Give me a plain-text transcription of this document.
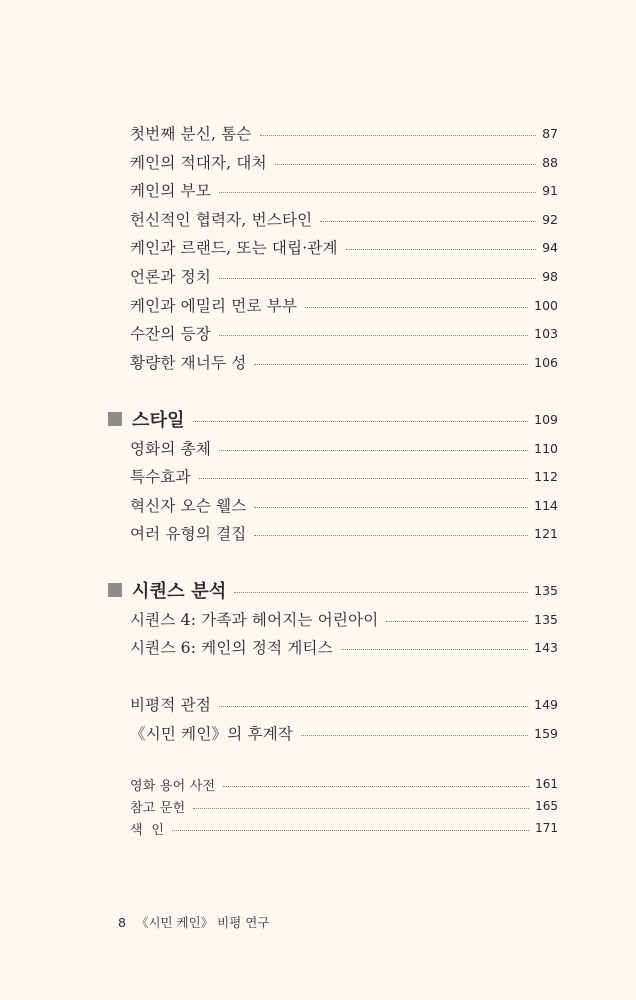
첫번째 분신, 톰슨	87
케인의 적대자, 대처	88
케인의 부모	91
헌신적인 협력자, 번스타인	92
케인과 르랜드, 또는 대립·관계	94
언론과 정치	98
케인과 에밀리 먼로 부부	100
수잔의 등장	103
황량한 재너두 성	106
스타일	109
영화의 총체	110
특수효과	112
혁신자 오슨 웰스	114
여러 유형의 결집	121
시퀀스 분석	135
시퀀스 4: 가족과 헤어지는 어린아이	135
시퀀스 6: 케인의 정적 게티스	143
비평적 관점	149
《시민 케인》의 후계작	159
영화 용어 사전	161
참고 문헌	165
색  인	171
8 《시민 케인》 비평 연구
